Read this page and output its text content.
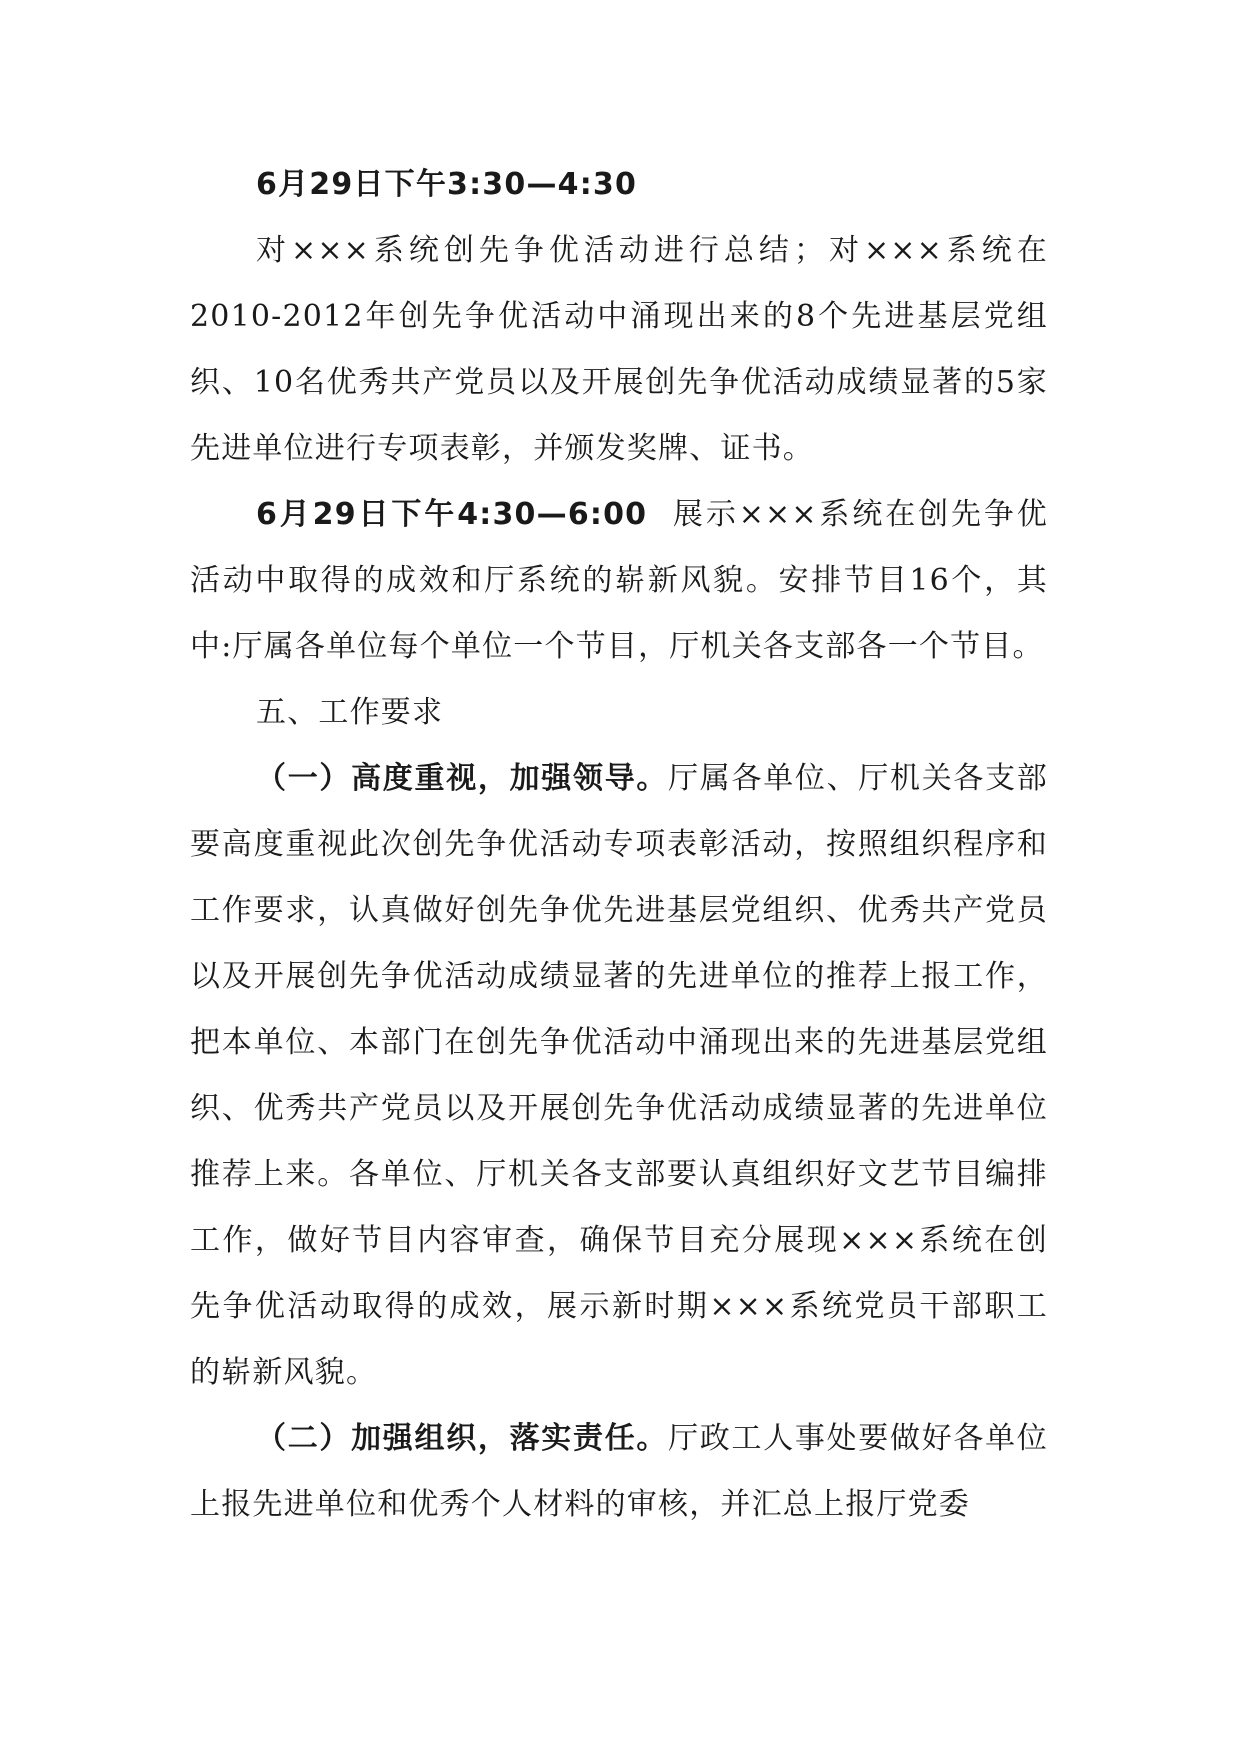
6月29日下午3:30—4:30

对×××系统创先争优活动进行总结；对×××系统在2010-2012年创先争优活动中涌现出来的8个先进基层党组织、10名优秀共产党员以及开展创先争优活动成绩显著的5家先进单位进行专项表彰，并颁发奖牌、证书。

6月29日下午4:30—6:00 展示×××系统在创先争优活动中取得的成效和厅系统的崭新风貌。安排节目16个，其中:厅属各单位每个单位一个节目，厅机关各支部各一个节目。

五、工作要求

（一）高度重视，加强领导。厅属各单位、厅机关各支部要高度重视此次创先争优活动专项表彰活动，按照组织程序和工作要求，认真做好创先争优先进基层党组织、优秀共产党员以及开展创先争优活动成绩显著的先进单位的推荐上报工作，把本单位、本部门在创先争优活动中涌现出来的先进基层党组织、优秀共产党员以及开展创先争优活动成绩显著的先进单位推荐上来。各单位、厅机关各支部要认真组织好文艺节目编排工作，做好节目内容审查，确保节目充分展现×××系统在创先争优活动取得的成效，展示新时期×××系统党员干部职工的崭新风貌。

（二）加强组织，落实责任。厅政工人事处要做好各单位上报先进单位和优秀个人材料的审核，并汇总上报厅党委
